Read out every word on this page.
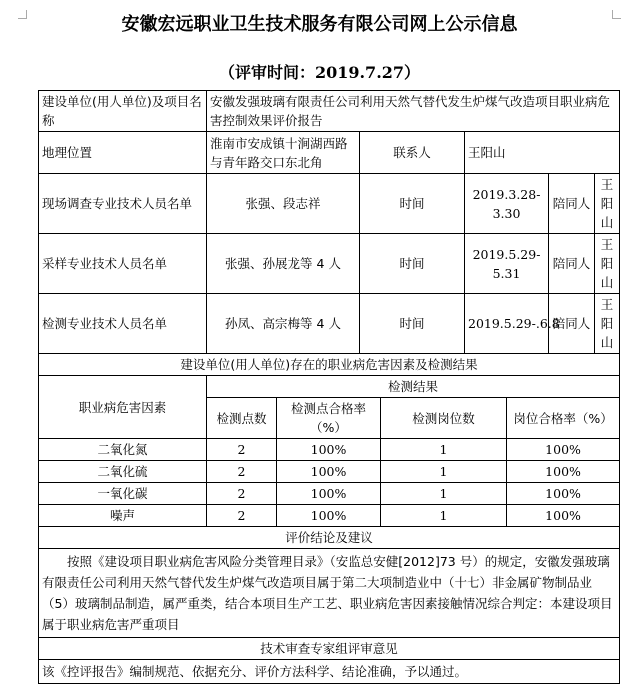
安徽宏远职业卫生技术服务有限公司网上公示信息
（评审时间：2019.7.27）
建设单位(用人单位)及项目名称	安徽发强玻璃有限责任公司利用天然气替代发生炉煤气改造项目职业病危害控制效果评价报告							
地理位置	淮南市安成镇十涧湖西路与青年路交口东北角		联系人		王阳山			
现场调查专业技术人员名单	张强、段志祥		时间		2019.3.28-3.30		陪同人	王阳山
采样专业技术人员名单	张强、孙展龙等 4 人		时间		2019.5.29-5.31		陪同人	王阳山
检测专业技术人员名单	孙凤、高宗梅等 4 人		时间		2019.5.29-.6.8		陪同人	王阳山
建设单位(用人单位)存在的职业病危害因素及检测结果								
职业病危害因素	检测结果							
	检测点数	检测点合格率（%）		检测岗位数		岗位合格率（%）		
二氧化氮	2	100%		1		100%		
二氧化硫	2	100%		1		100%		
一氧化碳	2	100%		1		100%		
噪声	2	100%		1		100%		
评价结论及建议								
按照《建设项目职业病危害风险分类管理目录》（安监总安健[2012]73 号）的规定，安徽发强玻璃有限责任公司利用天然气替代发生炉煤气改造项目属于第二大项制造业中（十七）非金属矿物制品业（5）玻璃制品制造，属严重类，结合本项目生产工艺、职业病危害因素接触情况综合判定：本建设项目属于职业病危害严重项目								
技术审查专家组评审意见								
该《控评报告》编制规范、依据充分、评价方法科学、结论准确，予以通过。								
